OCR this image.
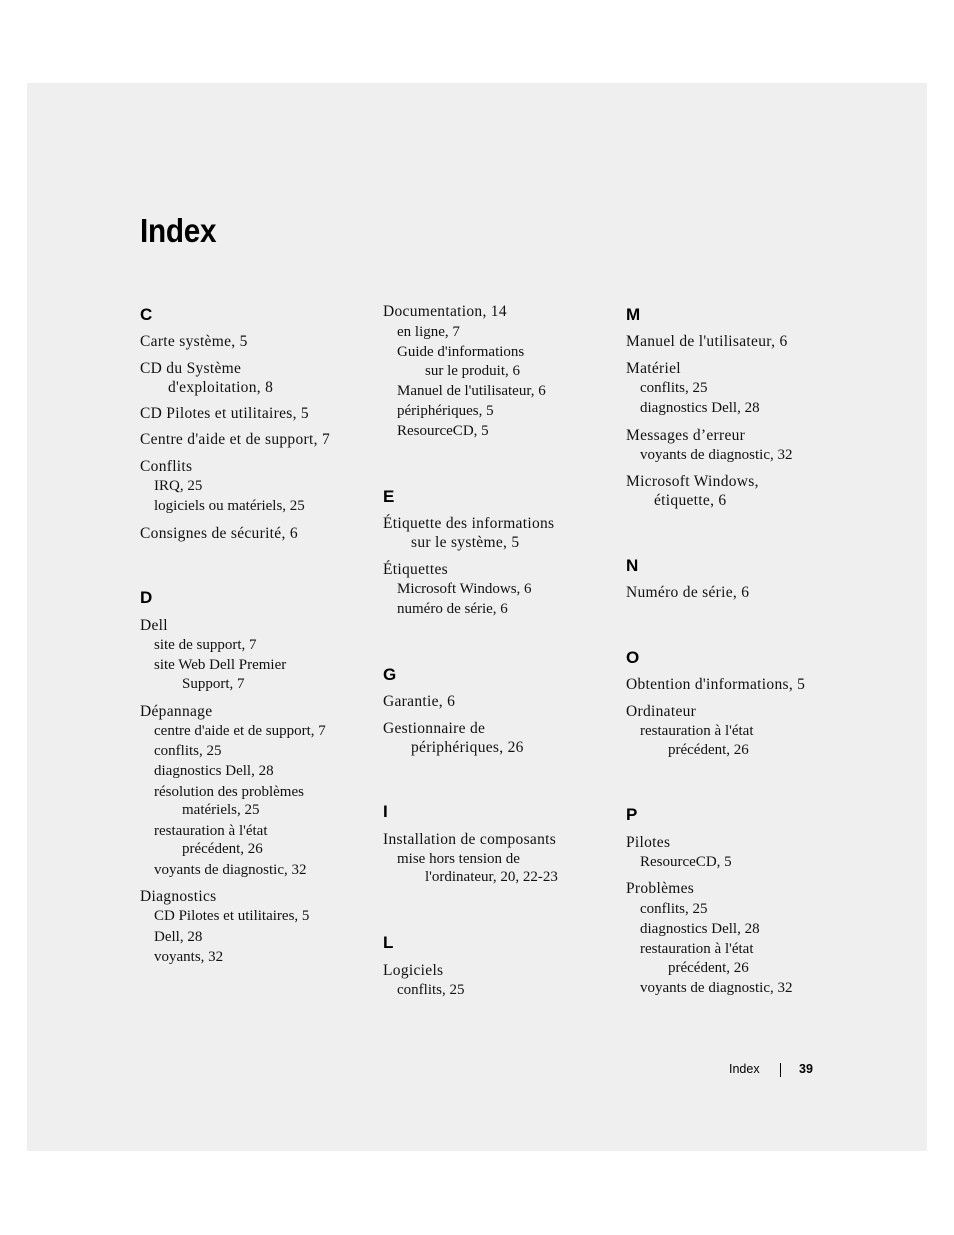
Index
C
Carte système, 5
CD du Système
d'exploitation, 8
CD Pilotes et utilitaires, 5
Centre d'aide et de support, 7
Conflits
IRQ, 25
logiciels ou matériels, 25
Consignes de sécurité, 6
D
Dell
site de support, 7
site Web Dell Premier
Support, 7
Dépannage
centre d'aide et de support, 7
conflits, 25
diagnostics Dell, 28
résolution des problèmes
matériels, 25
restauration à l'état
précédent, 26
voyants de diagnostic, 32
Diagnostics
CD Pilotes et utilitaires, 5
Dell, 28
voyants, 32
Documentation, 14
en ligne, 7
Guide d'informations
sur le produit, 6
Manuel de l'utilisateur, 6
périphériques, 5
ResourceCD, 5
E
Étiquette des informations
sur le système, 5
Étiquettes
Microsoft Windows, 6
numéro de série, 6
G
Garantie, 6
Gestionnaire de
périphériques, 26
I
Installation de composants
mise hors tension de
l'ordinateur, 20, 22-23
L
Logiciels
conflits, 25
M
Manuel de l'utilisateur, 6
Matériel
conflits, 25
diagnostics Dell, 28
Messages d’erreur
voyants de diagnostic, 32
Microsoft Windows,
étiquette, 6
N
Numéro de série, 6
O
Obtention d'informations, 5
Ordinateur
restauration à l'état
précédent, 26
P
Pilotes
ResourceCD, 5
Problèmes
conflits, 25
diagnostics Dell, 28
restauration à l'état
précédent, 26
voyants de diagnostic, 32
Index	39
